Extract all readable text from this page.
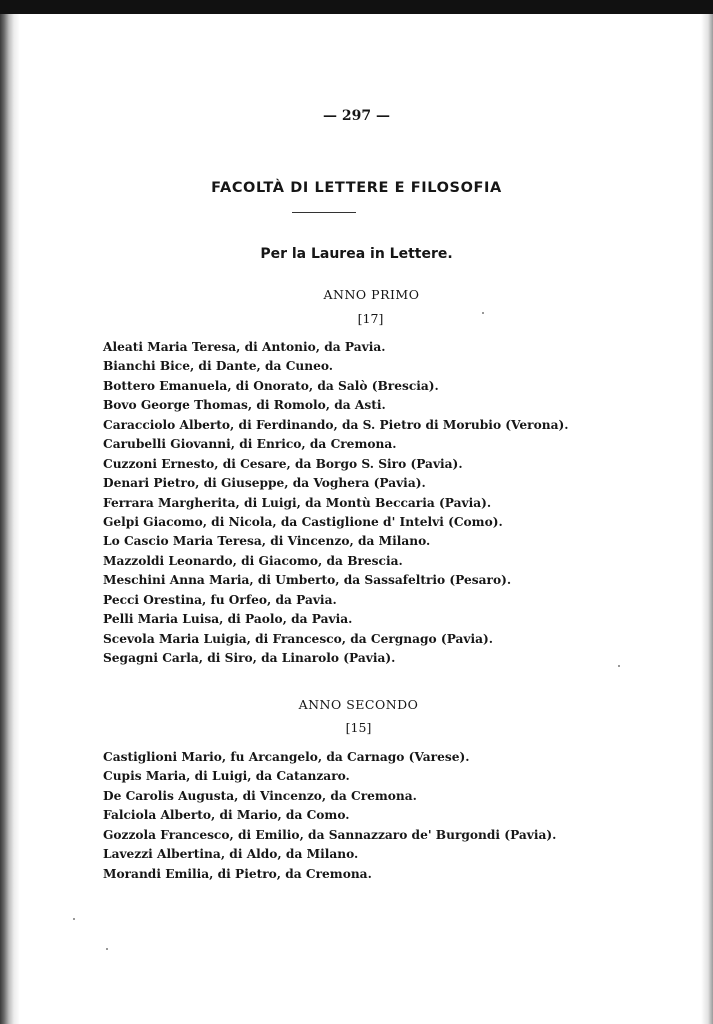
— 297 —
FACOLTÀ DI LETTERE E FILOSOFIA
Per la Laurea in Lettere.
ANNO PRIMO
[17]
Aleati Maria Teresa, di Antonio, da Pavia.
Bianchi Bice, di Dante, da Cuneo.
Bottero Emanuela, di Onorato, da Salò (Brescia).
Bovo George Thomas, di Romolo, da Asti.
Caracciolo Alberto, di Ferdinando, da S. Pietro di Morubio (Verona).
Carubelli Giovanni, di Enrico, da Cremona.
Cuzzoni Ernesto, di Cesare, da Borgo S. Siro (Pavia).
Denari Pietro, di Giuseppe, da Voghera (Pavia).
Ferrara Margherita, di Luigi, da Montù Beccaria (Pavia).
Gelpi Giacomo, di Nicola, da Castiglione d' Intelvi (Como).
Lo Cascio Maria Teresa, di Vincenzo, da Milano.
Mazzoldi Leonardo, di Giacomo, da Brescia.
Meschini Anna Maria, di Umberto, da Sassafeltrio (Pesaro).
Pecci Orestina, fu Orfeo, da Pavia.
Pelli Maria Luisa, di Paolo, da Pavia.
Scevola Maria Luigia, di Francesco, da Cergnago (Pavia).
Segagni Carla, di Siro, da Linarolo (Pavia).
ANNO SECONDO
[15]
Castiglioni Mario, fu Arcangelo, da Carnago (Varese).
Cupis Maria, di Luigi, da Catanzaro.
De Carolis Augusta, di Vincenzo, da Cremona.
Falciola Alberto, di Mario, da Como.
Gozzola Francesco, di Emilio, da Sannazzaro de' Burgondi (Pavia).
Lavezzi Albertina, di Aldo, da Milano.
Morandi Emilia, di Pietro, da Cremona.
